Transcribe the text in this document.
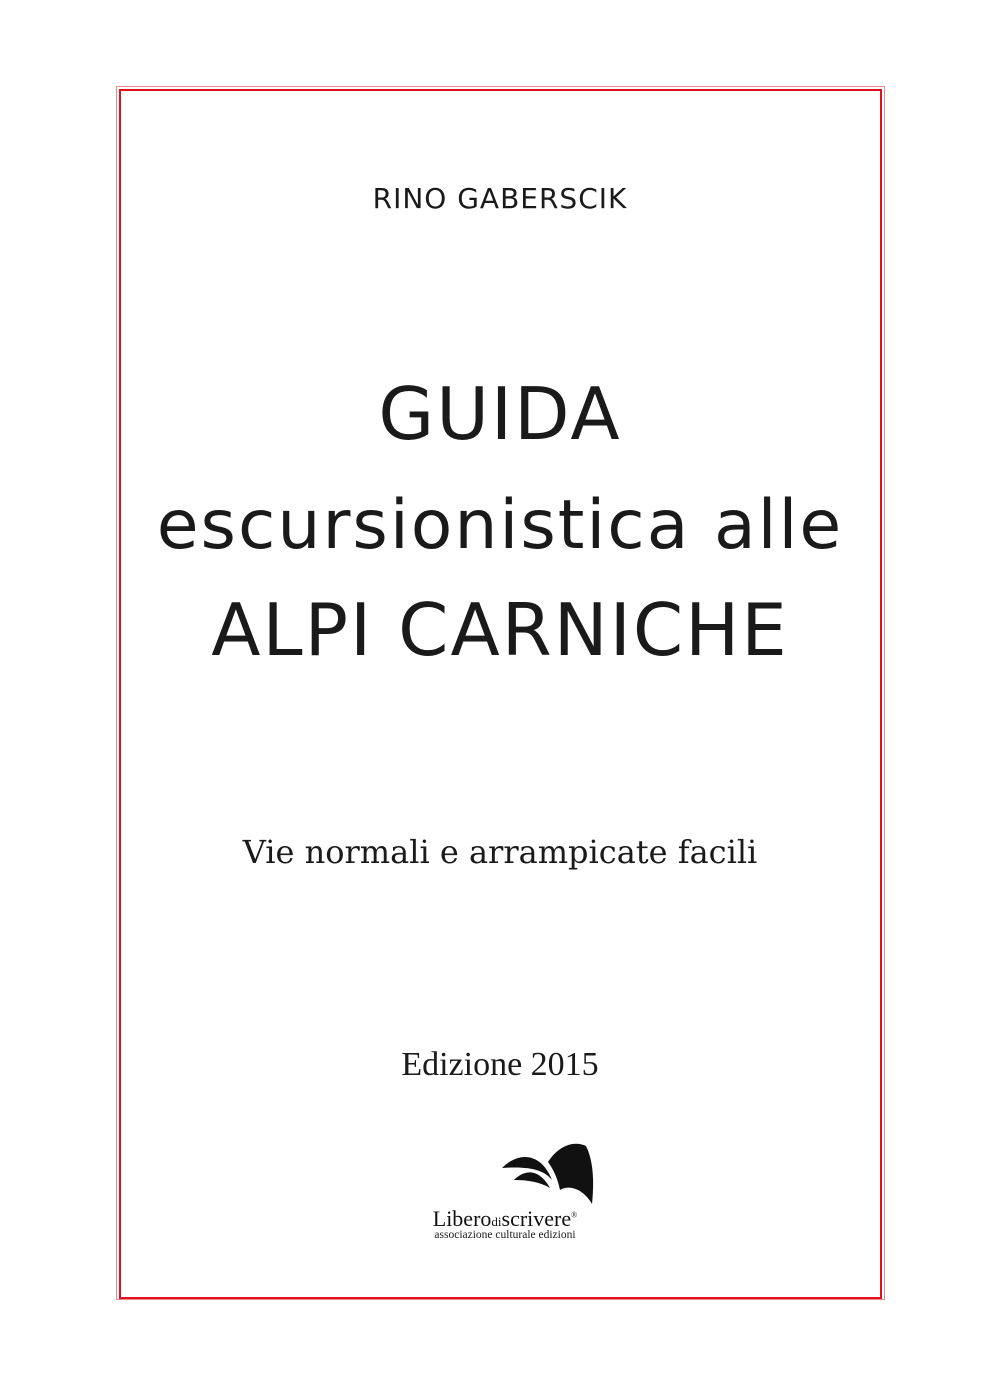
RINO GABERSCIK
GUIDA
escursionistica alle
ALPI CARNICHE
Vie normali e arrampicate facili
Edizione 2015
Liberodiscrivere®
associazione culturale edizioni
